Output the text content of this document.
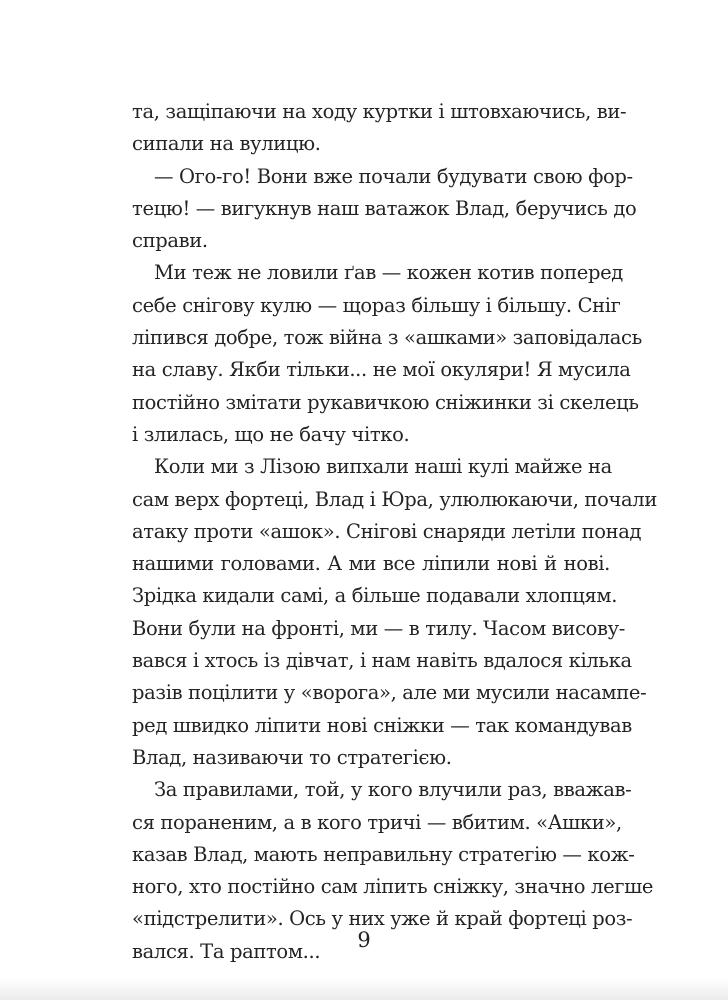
та, защіпаючи на ходу куртки і штовхаючись, ви-
сипали на вулицю.
— Ого-го! Вони вже почали будувати свою фор-
тецю! — вигукнув наш ватажок Влад, беручись до
справи.
Ми теж не ловили ґав — кожен котив поперед
себе снігову кулю — щораз більшу і більшу. Сніг
ліпився добре, тож війна з «ашками» заповідалась
на славу. Якби тільки... не мої окуляри! Я мусила
постійно змітати рукавичкою сніжинки зі скелець
і злилась, що не бачу чітко.
Коли ми з Лізою випхали наші кулі майже на
сам верх фортеці, Влад і Юра, улюлюкаючи, почали
атаку проти «ашок». Снігові снаряди летіли понад
нашими головами. А ми все ліпили нові й нові.
Зрідка кидали самі, а більше подавали хлопцям.
Вони були на фронті, ми — в тилу. Часом висову-
вався і хтось із дівчат, і нам навіть вдалося кілька
разів поцілити у «ворога», але ми мусили насампе-
ред швидко ліпити нові сніжки — так командував
Влад, називаючи то стратегією.
За правилами, той, у кого влучили раз, вважав-
ся пораненим, а в кого тричі — вбитим. «Ашки»,
казав Влад, мають неправильну стратегію — кож-
ного, хто постійно сам ліпить сніжку, значно легше
«підстрелити». Ось у них уже й край фортеці роз-
вался. Та раптом...	9
